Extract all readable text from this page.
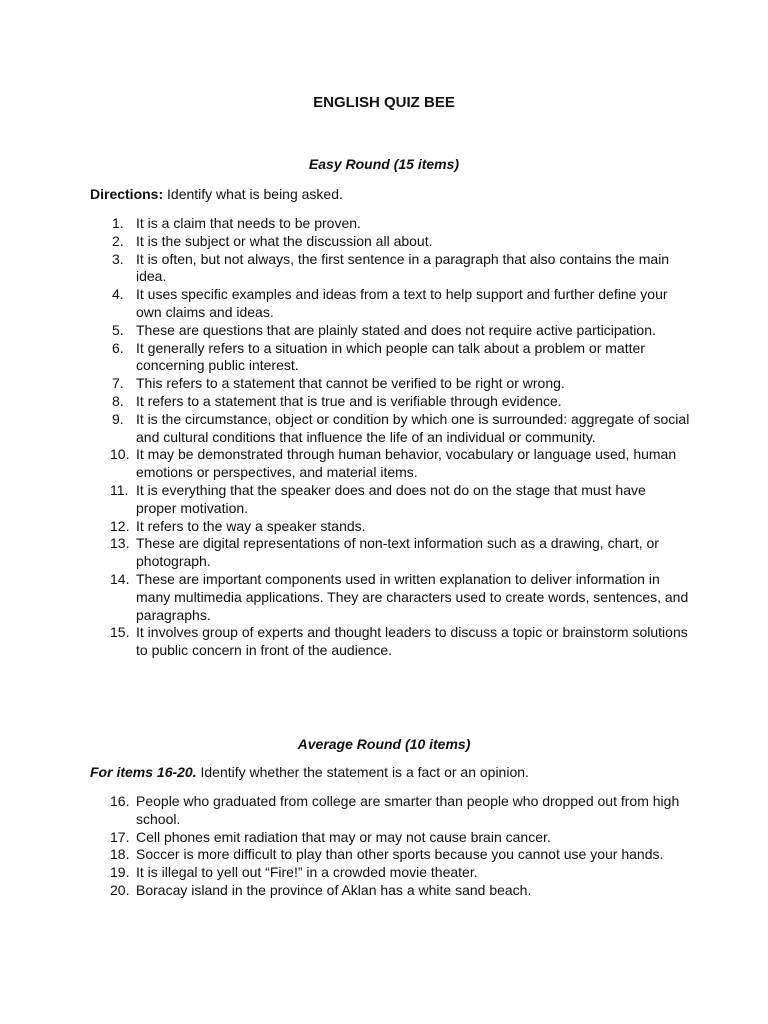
ENGLISH QUIZ BEE
Easy Round (15 items)
Directions: Identify what is being asked.
1. It is a claim that needs to be proven.
2. It is the subject or what the discussion all about.
3. It is often, but not always, the first sentence in a paragraph that also contains the main idea.
4. It uses specific examples and ideas from a text to help support and further define your own claims and ideas.
5. These are questions that are plainly stated and does not require active participation.
6. It generally refers to a situation in which people can talk about a problem or matter concerning public interest.
7. This refers to a statement that cannot be verified to be right or wrong.
8. It refers to a statement that is true and is verifiable through evidence.
9. It is the circumstance, object or condition by which one is surrounded: aggregate of social and cultural conditions that influence the life of an individual or community.
10. It may be demonstrated through human behavior, vocabulary or language used, human emotions or perspectives, and material items.
11. It is everything that the speaker does and does not do on the stage that must have proper motivation.
12. It refers to the way a speaker stands.
13. These are digital representations of non-text information such as a drawing, chart, or photograph.
14. These are important components used in written explanation to deliver information in many multimedia applications. They are characters used to create words, sentences, and paragraphs.
15. It involves group of experts and thought leaders to discuss a topic or brainstorm solutions to public concern in front of the audience.
Average Round (10 items)
For items 16-20. Identify whether the statement is a fact or an opinion.
16. People who graduated from college are smarter than people who dropped out from high school.
17. Cell phones emit radiation that may or may not cause brain cancer.
18. Soccer is more difficult to play than other sports because you cannot use your hands.
19. It is illegal to yell out “Fire!” in a crowded movie theater.
20. Boracay island in the province of Aklan has a white sand beach.
